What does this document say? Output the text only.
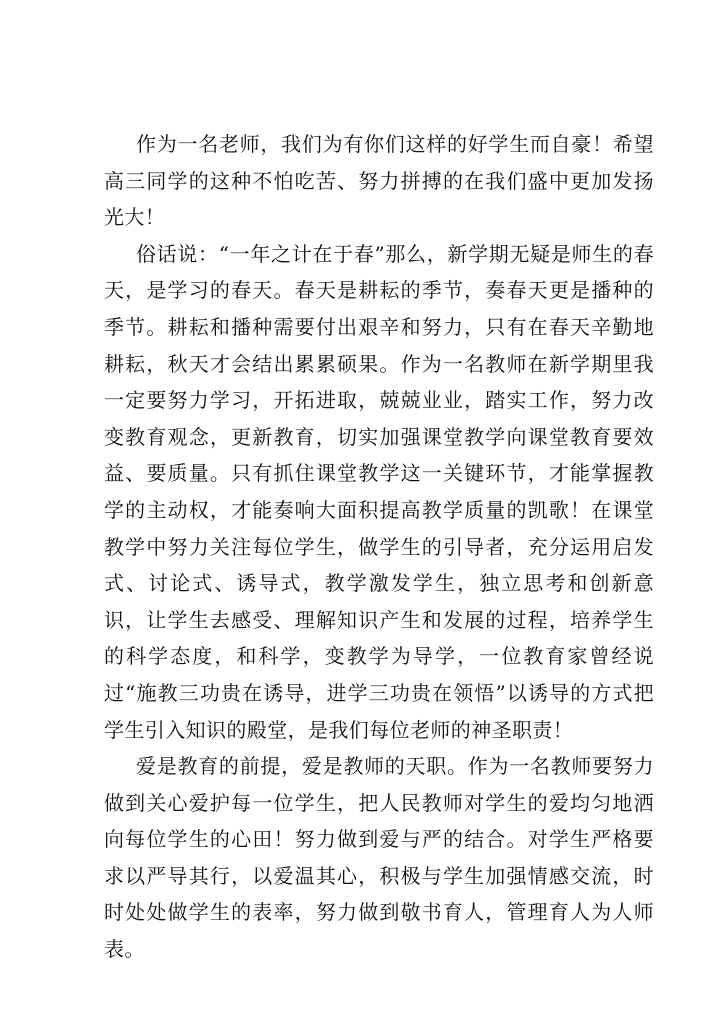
作为一名老师，我们为有你们这样的好学生而自豪！希望高三同学的这种不怕吃苦、努力拼搏的在我们盛中更加发扬光大！

俗话说：“一年之计在于春”那么，新学期无疑是师生的春天，是学习的春天。春天是耕耘的季节，奏春天更是播种的季节。耕耘和播种需要付出艰辛和努力，只有在春天辛勤地耕耘，秋天才会结出累累硕果。作为一名教师在新学期里我一定要努力学习，开拓进取，兢兢业业，踏实工作，努力改变教育观念，更新教育，切实加强课堂教学向课堂教育要效益、要质量。只有抓住课堂教学这一关键环节，才能掌握教学的主动权，才能奏响大面积提高教学质量的凯歌！在课堂教学中努力关注每位学生，做学生的引导者，充分运用启发式、讨论式、诱导式，教学激发学生，独立思考和创新意识，让学生去感受、理解知识产生和发展的过程，培养学生的科学态度，和科学，变教学为导学，一位教育家曾经说过“施教三功贵在诱导，进学三功贵在领悟”以诱导的方式把学生引入知识的殿堂，是我们每位老师的神圣职责！

爱是教育的前提，爱是教师的天职。作为一名教师要努力做到关心爱护每一位学生，把人民教师对学生的爱均匀地洒向每位学生的心田！努力做到爱与严的结合。对学生严格要求以严导其行，以爱温其心，积极与学生加强情感交流，时时处处做学生的表率，努力做到敬书育人，管理育人为人师表。
